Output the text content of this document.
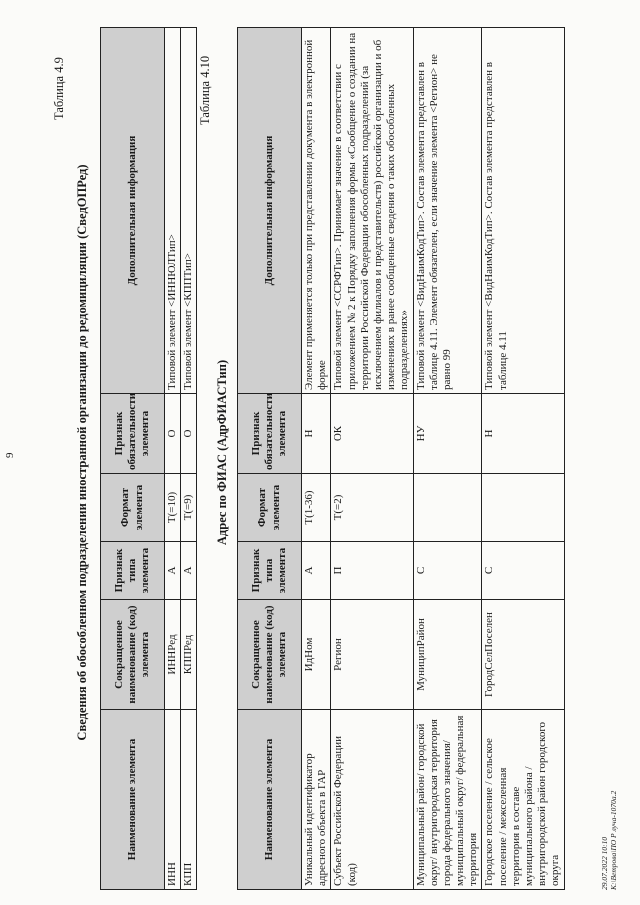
9
Таблица 4.9
Сведения об обособленном подразделении иностранной организации до редомициляции (СведОПРед)
Наименование элемента	Сокращенное наименование (код) элемента	Признак типа элемента	Формат элемента	Признак обязательности элемента	Дополнительная информация
ИНН	ИННРед	А	T(=10)	О	Типовой элемент <ИННЮЛТип>
КПП	КППРед	А	T(=9)	О	Типовой элемент <КППТип>
Таблица 4.10
Адрес по ФИАС (АдрФИАСТип)
Наименование элемента	Сокращенное наименование (код) элемента	Признак типа элемента	Формат элемента	Признак обязательности элемента	Дополнительная информация
Уникальный идентификатор адресного объекта в ГАР	ИдНом	А	T(1-36)	Н	Элемент применяется только при представлении документа в электронной форме
Субъект Российской Федерации (код)	Регион	П	T(=2)	ОК	Типовой элемент <ССРФТип>. Принимает значение в соответствии с приложением № 2 к Порядку заполнения формы «Сообщение о создании на территории Российской Федерации обособленных подразделений (за исключением филиалов и представительств) российской организации и об изменениях в ранее сообщенные сведения о таких обособленных подразделениях»
Муниципальный район/ городской округ/ внутригородская территория города федерального значения/ муниципальный округ/ федеральная территория	МуниципРайон	С		НУ	Типовой элемент <ВидНаимКодТип>. Состав элемента представлен в таблице 4.11. Элемент обязателен, если значение элемента <Регион> не равно 99
Городское поселение / сельское поселение / межселенная территория в составе муниципального района / внутригородской район городского округа	ГородСелПоселен	С		Н	Типовой элемент <ВидНаимКодТип>. Состав элемента представлен в таблице 4.11
29.07.2022 10:10 К:\Ветрова\ПО Р луча-1070а.2
